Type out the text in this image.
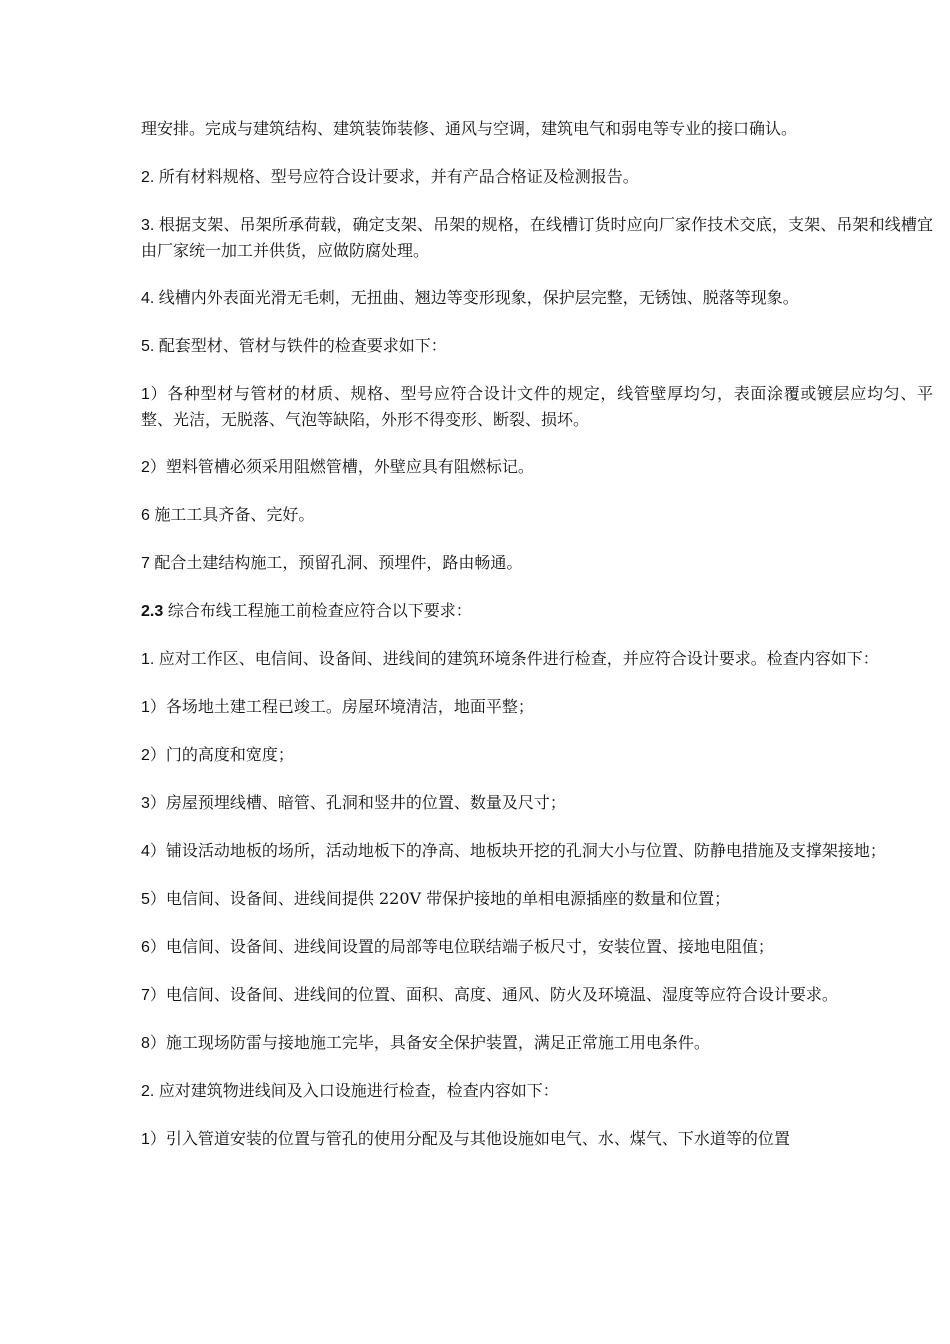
理安排。完成与建筑结构、建筑装饰装修、通风与空调，建筑电气和弱电等专业的接口确认。

2. 所有材料规格、型号应符合设计要求，并有产品合格证及检测报告。

3. 根据支架、吊架所承荷载，确定支架、吊架的规格，在线槽订货时应向厂家作技术交底，支架、吊架和线槽宜由厂家统一加工并供货，应做防腐处理。

4. 线槽内外表面光滑无毛刺，无扭曲、翘边等变形现象，保护层完整，无锈蚀、脱落等现象。

5. 配套型材、管材与铁件的检查要求如下：

1）各种型材与管材的材质、规格、型号应符合设计文件的规定，线管壁厚均匀，表面涂覆或镀层应均匀、平整、光洁，无脱落、气泡等缺陷，外形不得变形、断裂、损坏。

2）塑料管槽必须采用阻燃管槽，外壁应具有阻燃标记。

6 施工工具齐备、完好。

7 配合土建结构施工，预留孔洞、预埋件，路由畅通。

2.3 综合布线工程施工前检查应符合以下要求：

1. 应对工作区、电信间、设备间、进线间的建筑环境条件进行检查，并应符合设计要求。检查内容如下：

1）各场地土建工程已竣工。房屋环境清洁，地面平整；

2）门的高度和宽度；

3）房屋预埋线槽、暗管、孔洞和竖井的位置、数量及尺寸；

4）铺设活动地板的场所，活动地板下的净高、地板块开挖的孔洞大小与位置、防静电措施及支撑架接地；

5）电信间、设备间、进线间提供 220V 带保护接地的单相电源插座的数量和位置；

6）电信间、设备间、进线间设置的局部等电位联结端子板尺寸，安装位置、接地电阻值；

7）电信间、设备间、进线间的位置、面积、高度、通风、防火及环境温、湿度等应符合设计要求。

8）施工现场防雷与接地施工完毕，具备安全保护装置，满足正常施工用电条件。

2. 应对建筑物进线间及入口设施进行检查，检查内容如下：

1）引入管道安装的位置与管孔的使用分配及与其他设施如电气、水、煤气、下水道等的位置
